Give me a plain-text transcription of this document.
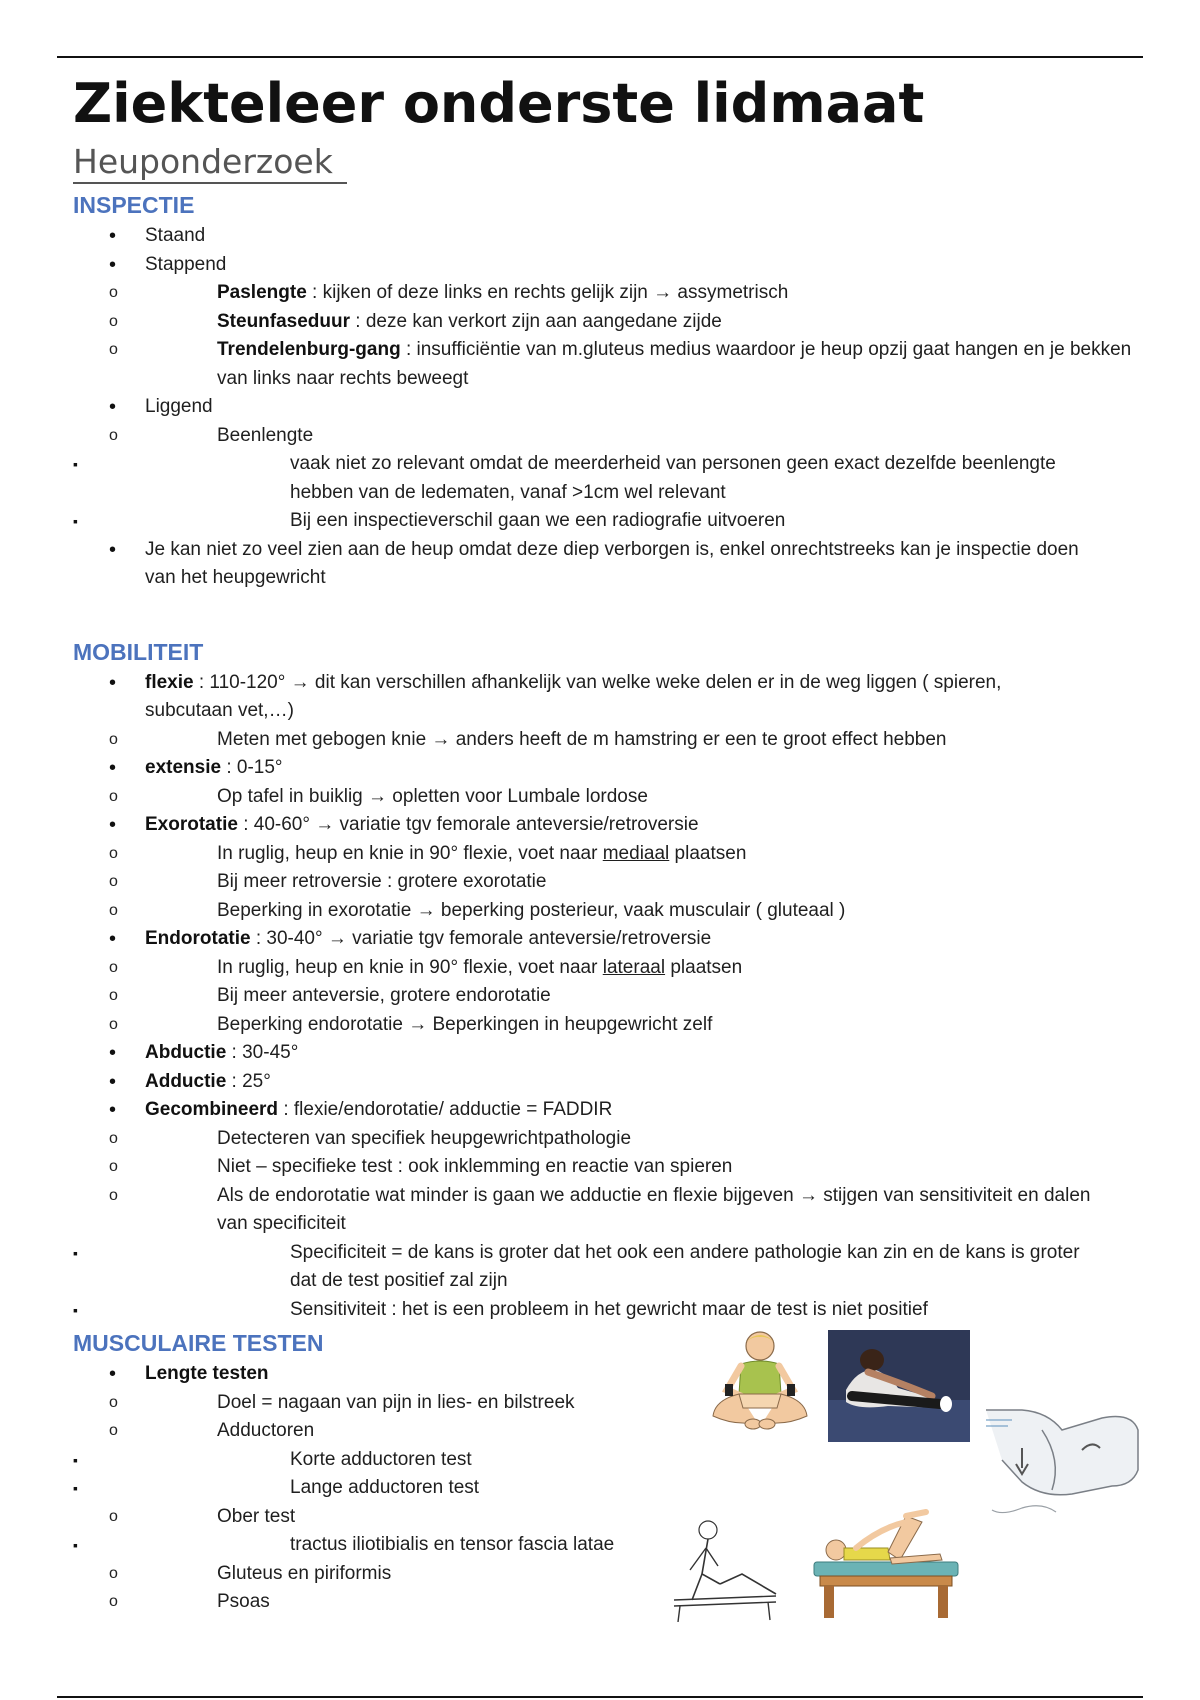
Ziekteleer onderste lidmaat
Heuponderzoek
INSPECTIE
• Staand
• Stappend
o Paslengte : kijken of deze links en rechts gelijk zijn → assymetrisch
o Steunfaseduur : deze kan verkort zijn aan aangedane zijde
o Trendelenburg-gang : insufficiëntie van m.gluteus medius waardoor je heup opzij gaat hangen en je bekken van links naar rechts beweegt
• Liggend
o Beenlengte
▪ vaak niet zo relevant omdat de meerderheid van personen geen exact dezelfde beenlengte hebben van de ledematen, vanaf >1cm wel relevant
▪ Bij een inspectieverschil gaan we een radiografie uitvoeren
• Je kan niet zo veel zien aan de heup omdat deze diep verborgen is, enkel onrechtstreeks kan je inspectie doen van het heupgewricht
MOBILITEIT
• flexie : 110-120° → dit kan verschillen afhankelijk van welke weke delen er in de weg liggen ( spieren, subcutaan vet,…)
o Meten met gebogen knie → anders heeft de m hamstring er een te groot effect hebben
• extensie : 0-15°
o Op tafel in buiklig → opletten voor Lumbale lordose
• Exorotatie : 40-60° → variatie tgv femorale anteversie/retroversie
o In ruglig, heup en knie in 90° flexie, voet naar mediaal plaatsen
o Bij meer retroversie : grotere exorotatie
o Beperking in exorotatie → beperking posterieur, vaak musculair ( gluteaal )
• Endorotatie : 30-40° → variatie tgv femorale anteversie/retroversie
o In ruglig, heup en knie in 90° flexie, voet naar lateraal plaatsen
o Bij meer anteversie, grotere endorotatie
o Beperking endorotatie → Beperkingen in heupgewricht zelf
• Abductie : 30-45°
• Adductie : 25°
• Gecombineerd : flexie/endorotatie/ adductie = FADDIR
o Detecteren van specifiek heupgewrichtpathologie
o Niet – specifieke test : ook inklemming en reactie van spieren
o Als de endorotatie wat minder is gaan we adductie en flexie bijgeven → stijgen van sensitiviteit en dalen van specificiteit
▪ Specificiteit = de kans is groter dat het ook een andere pathologie kan zin en de kans is groter dat de test positief zal zijn
▪ Sensitiviteit : het is een probleem in het gewricht maar de test is niet positief
MUSCULAIRE TESTEN
• Lengte testen
o Doel = nagaan van pijn in lies- en bilstreek
o Adductoren
▪ Korte adductoren test
▪ Lange adductoren test
o Ober test
▪ tractus iliotibialis en tensor fascia latae
o Gluteus en piriformis
o Psoas
